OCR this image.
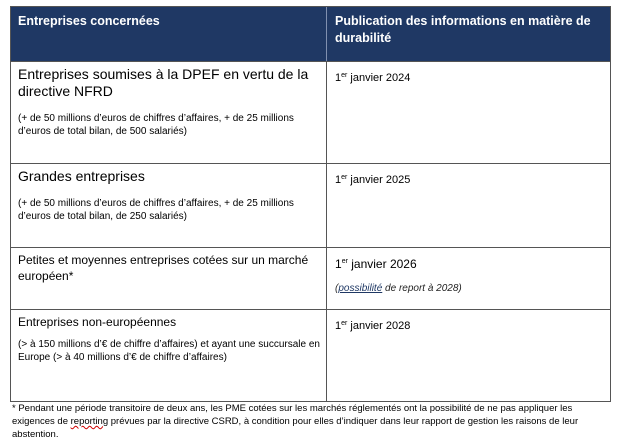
Entreprises concernées	Publication des informations en matière de durabilité
Entreprises soumises à la DPEF en vertu de la directive NFRD
(+ de 50 millions d’euros de chiffres d’affaires, + de 25 millions d’euros de total bilan, de 500 salariés)
1er janvier 2024
Grandes entreprises
(+ de 50 millions d’euros de chiffres d’affaires, + de 25 millions d’euros de total bilan, de 250 salariés)
1er janvier 2025
Petites et moyennes entreprises cotées sur un marché européen*
1er janvier 2026
(possibilité de report à 2028)
Entreprises non-européennes
(> à 150 millions d’€ de chiffre d’affaires) et ayant une succursale en Europe (> à 40 millions d’€ de chiffre d’affaires)
1er janvier 2028
* Pendant une période transitoire de deux ans, les PME cotées sur les marchés réglementés ont la possibilité de ne pas appliquer les exigences de reporting prévues par la directive CSRD, à condition pour elles d’indiquer dans leur rapport de gestion les raisons de leur abstention.
